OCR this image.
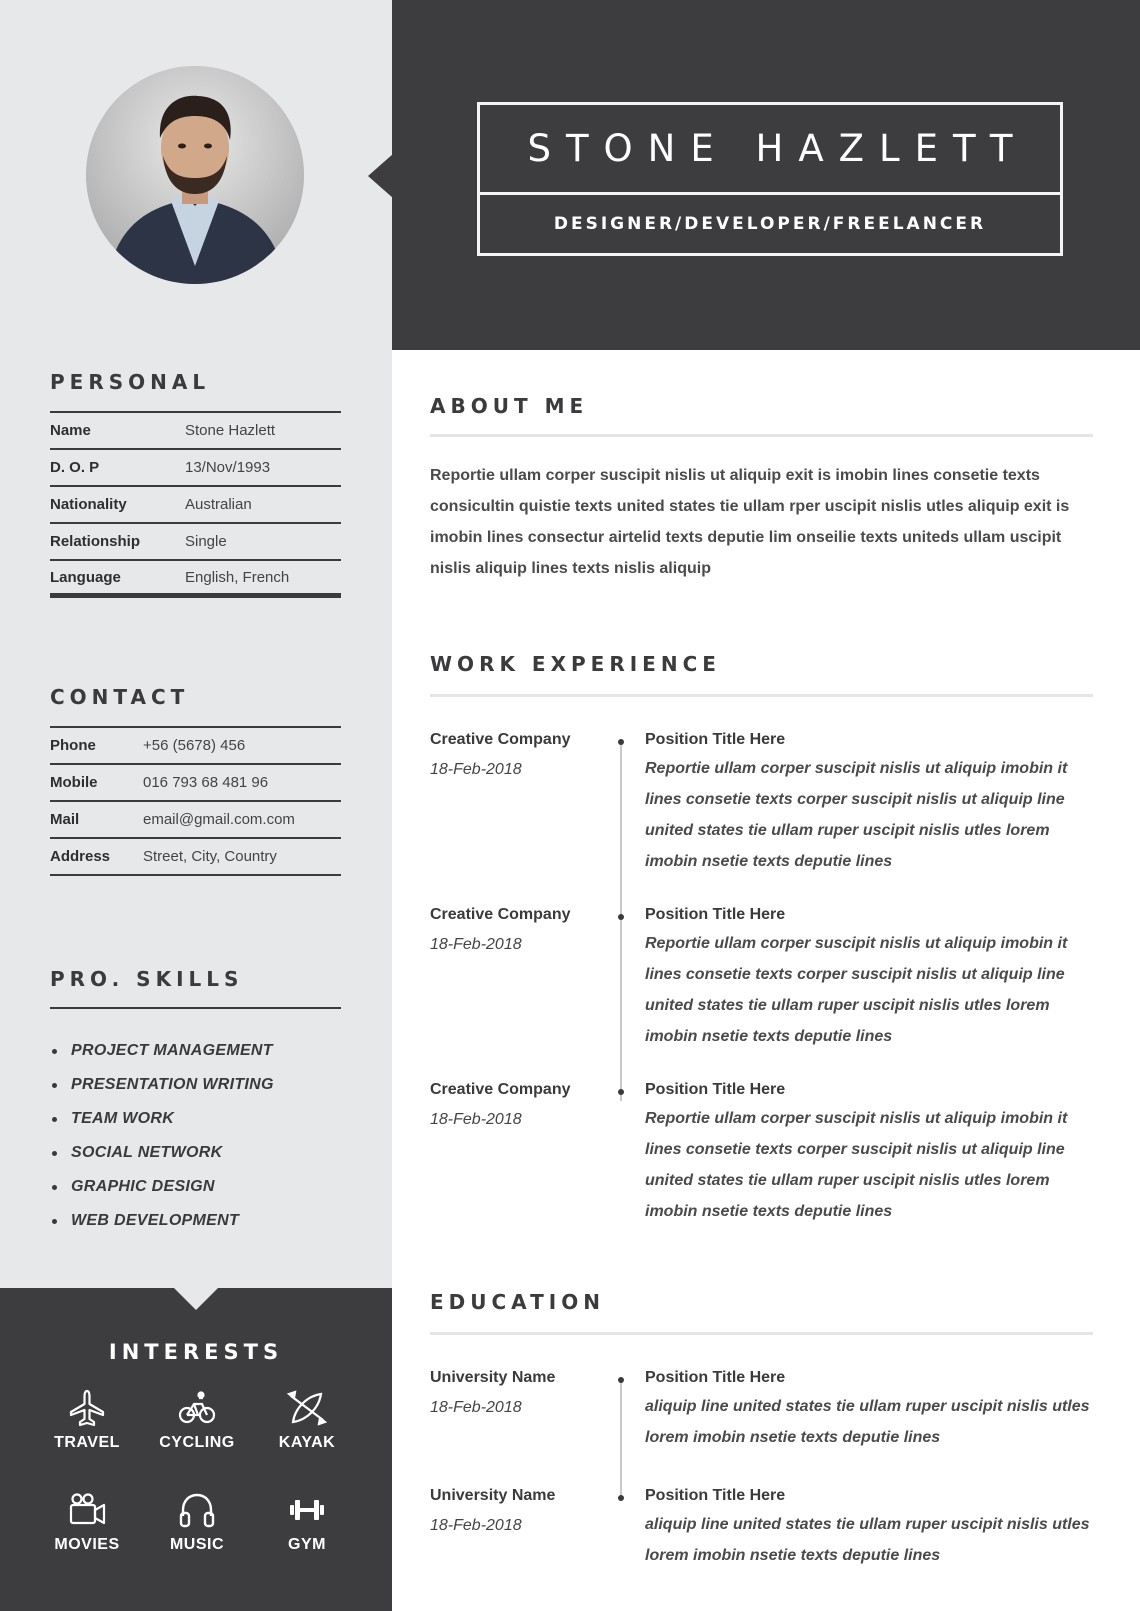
PERSONAL
Name	Stone Hazlett
D. O. P	13/Nov/1993
Nationality	Australian
Relationship	Single
Language	English, French
CONTACT
Phone	+56 (5678) 456
Mobile	016 793 68 481 96
Mail	email@gmail.com.com
Address	Street, City, Country
PRO. SKILLS
PROJECT MANAGEMENT
PRESENTATION WRITING
TEAM WORK
SOCIAL NETWORK
GRAPHIC DESIGN
WEB DEVELOPMENT
INTERESTS
TRAVEL	CYCLING	KAYAK
MOVIES	MUSIC	GYM
STONE HAZLETT
DESIGNER/DEVELOPER/FREELANCER
ABOUT ME
Reportie ullam corper suscipit nislis ut aliquip exit is imobin lines consetie texts consicultin quistie texts united states tie ullam rper uscipit nislis utles aliquip exit is imobin lines consectur airtelid texts deputie lim onseilie texts uniteds ullam uscipit nislis aliquip lines texts nislis aliquip
WORK EXPERIENCE
Creative Company
18-Feb-2018
Position Title Here
Reportie ullam corper suscipit nislis ut aliquip imobin it lines consetie texts corper suscipit nislis ut aliquip line united states tie ullam ruper uscipit nislis utles lorem imobin nsetie texts deputie lines
Creative Company
18-Feb-2018
Position Title Here
Reportie ullam corper suscipit nislis ut aliquip imobin it lines consetie texts corper suscipit nislis ut aliquip line united states tie ullam ruper uscipit nislis utles lorem imobin nsetie texts deputie lines
Creative Company
18-Feb-2018
Position Title Here
Reportie ullam corper suscipit nislis ut aliquip imobin it lines consetie texts corper suscipit nislis ut aliquip line united states tie ullam ruper uscipit nislis utles lorem imobin nsetie texts deputie lines
EDUCATION
University Name
18-Feb-2018
Position Title Here
aliquip line united states tie ullam ruper uscipit nislis utles lorem imobin nsetie texts deputie lines
University Name
18-Feb-2018
Position Title Here
aliquip line united states tie ullam ruper uscipit nislis utles lorem imobin nsetie texts deputie lines
